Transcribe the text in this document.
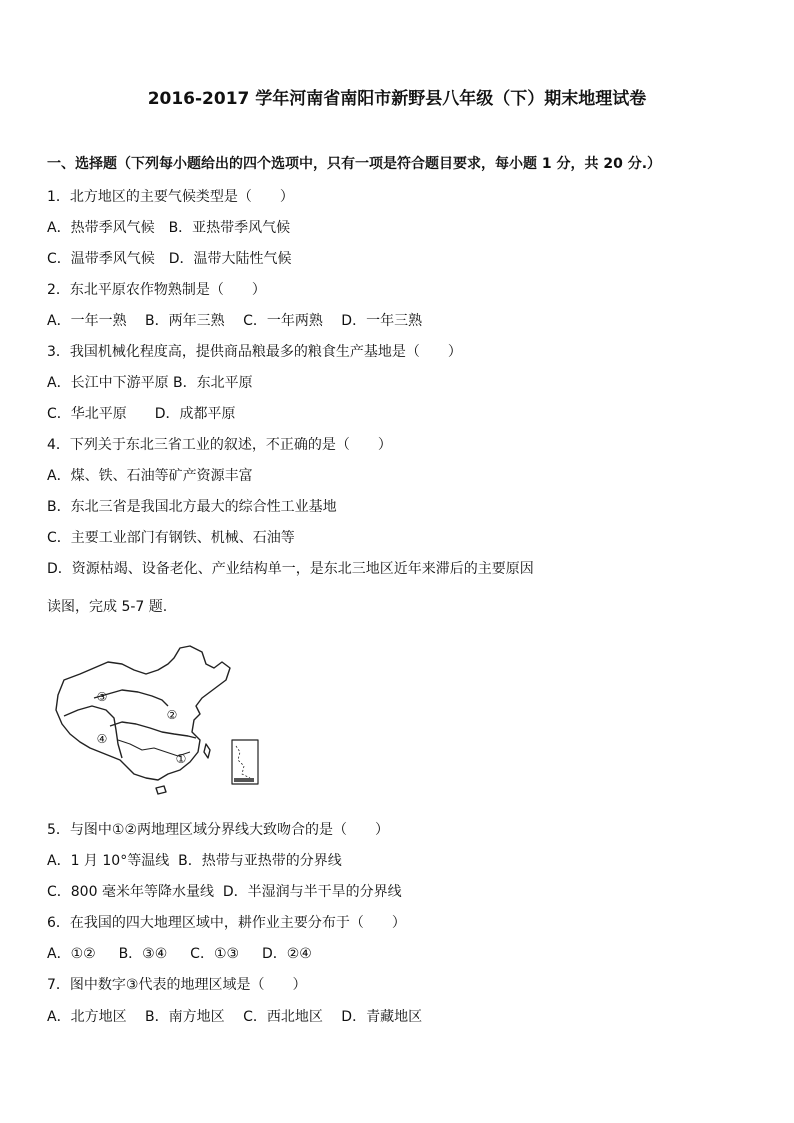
2016-2017 学年河南省南阳市新野县八年级（下）期末地理试卷
一、选择题（下列每小题给出的四个选项中，只有一项是符合题目要求，每小题 1 分，共 20 分.）
1．北方地区的主要气候类型是（　　）
A．热带季风气候　B．亚热带季风气候
C．温带季风气候　D．温带大陆性气候
2．东北平原农作物熟制是（　　）
A．一年一熟　 B．两年三熟　 C．一年两熟　 D．一年三熟
3．我国机械化程度高，提供商品粮最多的粮食生产基地是（　　）
A．长江中下游平原 B．东北平原
C．华北平原　　D．成都平原
4．下列关于东北三省工业的叙述，不正确的是（　　）
A．煤、铁、石油等矿产资源丰富
B．东北三省是我国北方最大的综合性工业基地
C．主要工业部门有钢铁、机械、石油等
D．资源枯竭、设备老化、产业结构单一，是东北三地区近年来滞后的主要原因
读图，完成 5-7 题.
③
②
④
①
5．与图中①②两地理区域分界线大致吻合的是（　　）
A．1 月 10°等温线  B．热带与亚热带的分界线
C．800 毫米年等降水量线  D．半湿润与半干旱的分界线
6．在我国的四大地理区域中，耕作业主要分布于（　　）
A．①②　  B．③④　  C．①③　  D．②④
7．图中数字③代表的地理区域是（　　）
A．北方地区　 B．南方地区　 C．西北地区　 D．青藏地区
